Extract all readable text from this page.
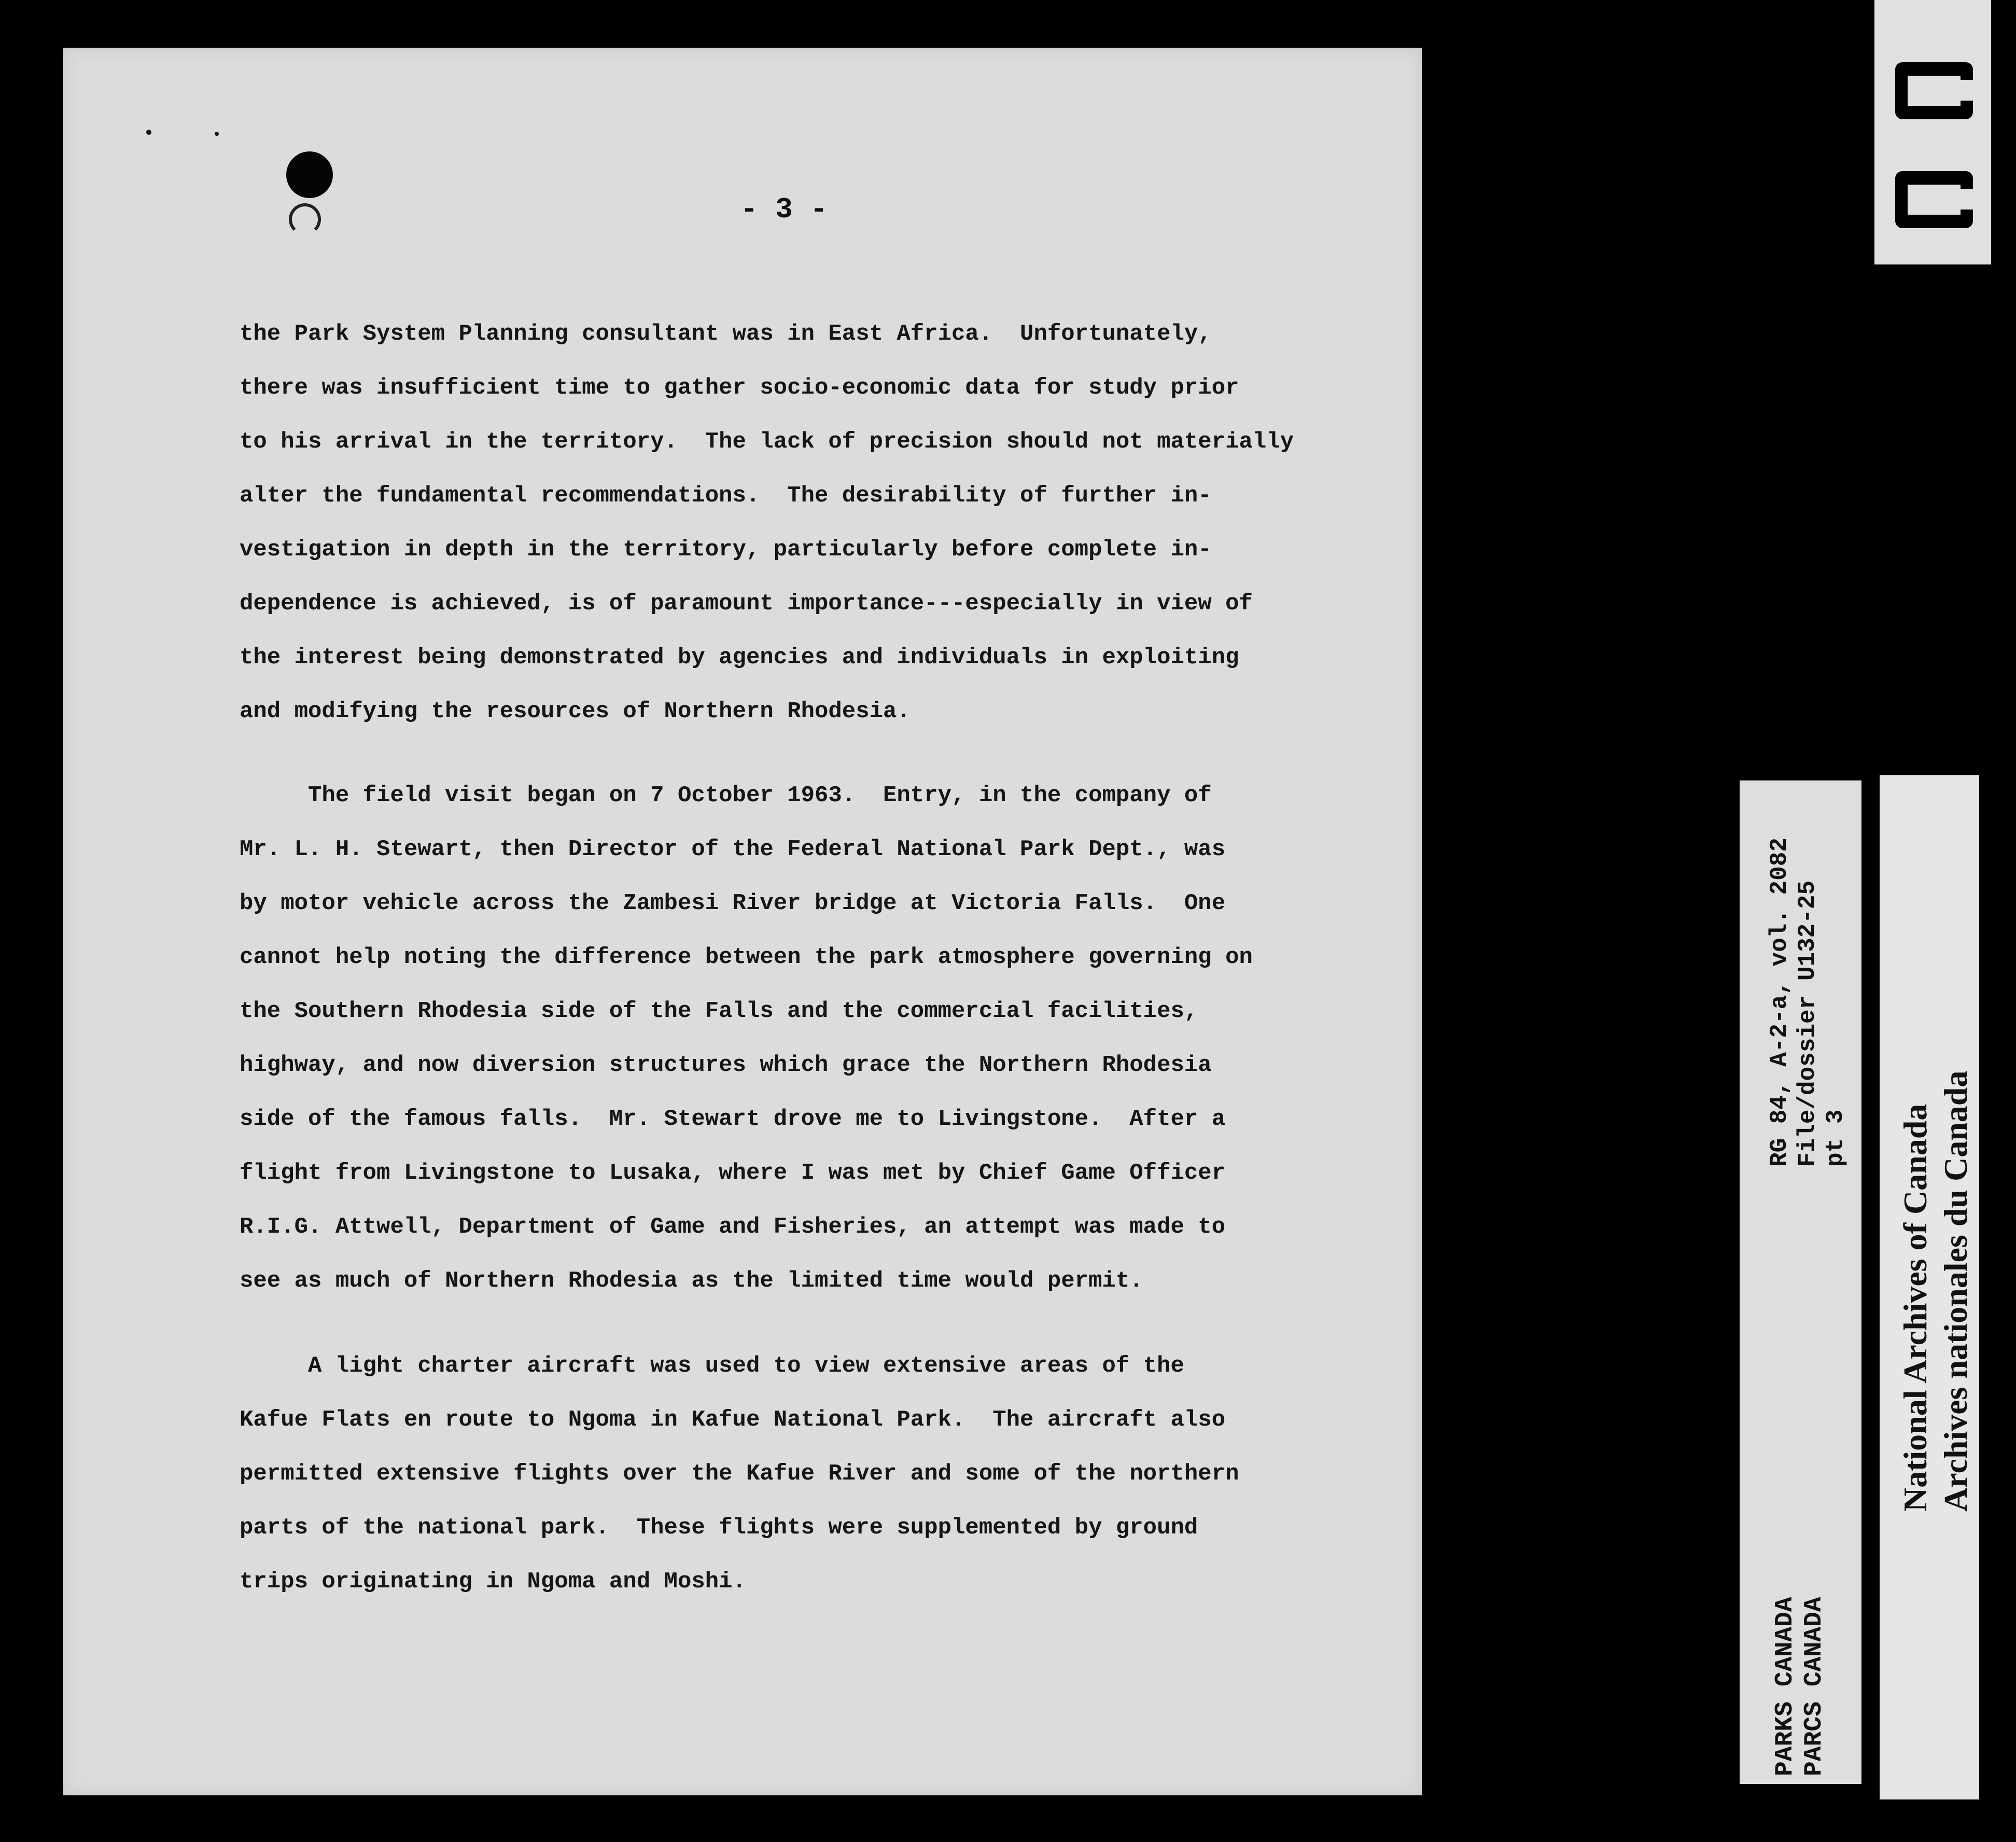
- 3 -
the Park System Planning consultant was in East Africa.  Unfortunately,
there was insufficient time to gather socio-economic data for study prior
to his arrival in the territory.  The lack of precision should not materially
alter the fundamental recommendations.  The desirability of further in-
vestigation in depth in the territory, particularly before complete in-
dependence is achieved, is of paramount importance---especially in view of
the interest being demonstrated by agencies and individuals in exploiting
and modifying the resources of Northern Rhodesia.
The field visit began on 7 October 1963.  Entry, in the company of
Mr. L. H. Stewart, then Director of the Federal National Park Dept., was
by motor vehicle across the Zambesi River bridge at Victoria Falls.  One
cannot help noting the difference between the park atmosphere governing on
the Southern Rhodesia side of the Falls and the commercial facilities,
highway, and now diversion structures which grace the Northern Rhodesia
side of the famous falls.  Mr. Stewart drove me to Livingstone.  After a
flight from Livingstone to Lusaka, where I was met by Chief Game Officer
R.I.G. Attwell, Department of Game and Fisheries, an attempt was made to
see as much of Northern Rhodesia as the limited time would permit.
A light charter aircraft was used to view extensive areas of the
Kafue Flats en route to Ngoma in Kafue National Park.  The aircraft also
permitted extensive flights over the Kafue River and some of the northern
parts of the national park.  These flights were supplemented by ground
trips originating in Ngoma and Moshi.
PARKS CANADA
PARCS CANADA
RG 84, A-2-a, vol. 2082
File/dossier U132-25
pt 3 National Archives of Canada Archives nationales du Canada
